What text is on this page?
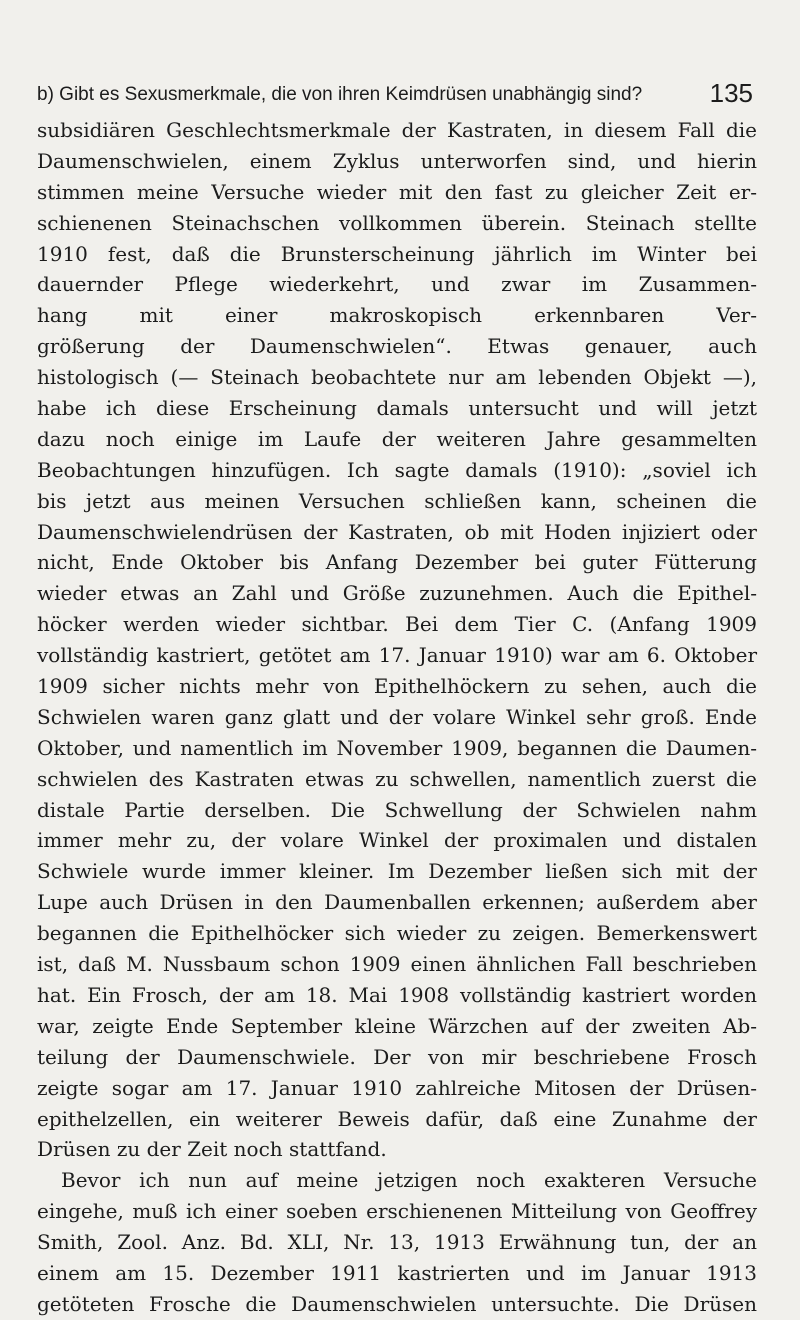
b) Gibt es Sexusmerkmale, die von ihren Keimdrüsen unabhängig sind?	135
subsidiären Geschlechtsmerkmale der Kastraten, in diesem Fall die
Daumenschwielen, einem Zyklus unterworfen sind, und hierin
stimmen meine Versuche wieder mit den fast zu gleicher Zeit er-
schienenen Steinachschen vollkommen überein. Steinach stellte
1910 fest, daß die Brunsterscheinung jährlich im Winter bei
dauernder Pflege wiederkehrt, und zwar im Zusammen-
hang mit einer makroskopisch erkennbaren Ver-
größerung der Daumenschwielen“. Etwas genauer, auch
histologisch (— Steinach beobachtete nur am lebenden Objekt —),
habe ich diese Erscheinung damals untersucht und will jetzt
dazu noch einige im Laufe der weiteren Jahre gesammelten
Beobachtungen hinzufügen. Ich sagte damals (1910): „soviel ich
bis jetzt aus meinen Versuchen schließen kann, scheinen die
Daumenschwielendrüsen der Kastraten, ob mit Hoden injiziert oder
nicht, Ende Oktober bis Anfang Dezember bei guter Fütterung
wieder etwas an Zahl und Größe zuzunehmen. Auch die Epithel-
höcker werden wieder sichtbar. Bei dem Tier C. (Anfang 1909
vollständig kastriert, getötet am 17. Januar 1910) war am 6. Oktober
1909 sicher nichts mehr von Epithelhöckern zu sehen, auch die
Schwielen waren ganz glatt und der volare Winkel sehr groß. Ende
Oktober, und namentlich im November 1909, begannen die Daumen-
schwielen des Kastraten etwas zu schwellen, namentlich zuerst die
distale Partie derselben. Die Schwellung der Schwielen nahm
immer mehr zu, der volare Winkel der proximalen und distalen
Schwiele wurde immer kleiner. Im Dezember ließen sich mit der
Lupe auch Drüsen in den Daumenballen erkennen; außerdem aber
begannen die Epithelhöcker sich wieder zu zeigen. Bemerkenswert
ist, daß M. Nussbaum schon 1909 einen ähnlichen Fall beschrieben
hat. Ein Frosch, der am 18. Mai 1908 vollständig kastriert worden
war, zeigte Ende September kleine Wärzchen auf der zweiten Ab-
teilung der Daumenschwiele. Der von mir beschriebene Frosch
zeigte sogar am 17. Januar 1910 zahlreiche Mitosen der Drüsen-
epithelzellen, ein weiterer Beweis dafür, daß eine Zunahme der
Drüsen zu der Zeit noch stattfand.
Bevor ich nun auf meine jetzigen noch exakteren Versuche
eingehe, muß ich einer soeben erschienenen Mitteilung von Geoffrey
Smith, Zool. Anz. Bd. XLI, Nr. 13, 1913 Erwähnung tun, der an
einem am 15. Dezember 1911 kastrierten und im Januar 1913
getöteten Frosche die Daumenschwielen untersuchte. Die Drüsen
